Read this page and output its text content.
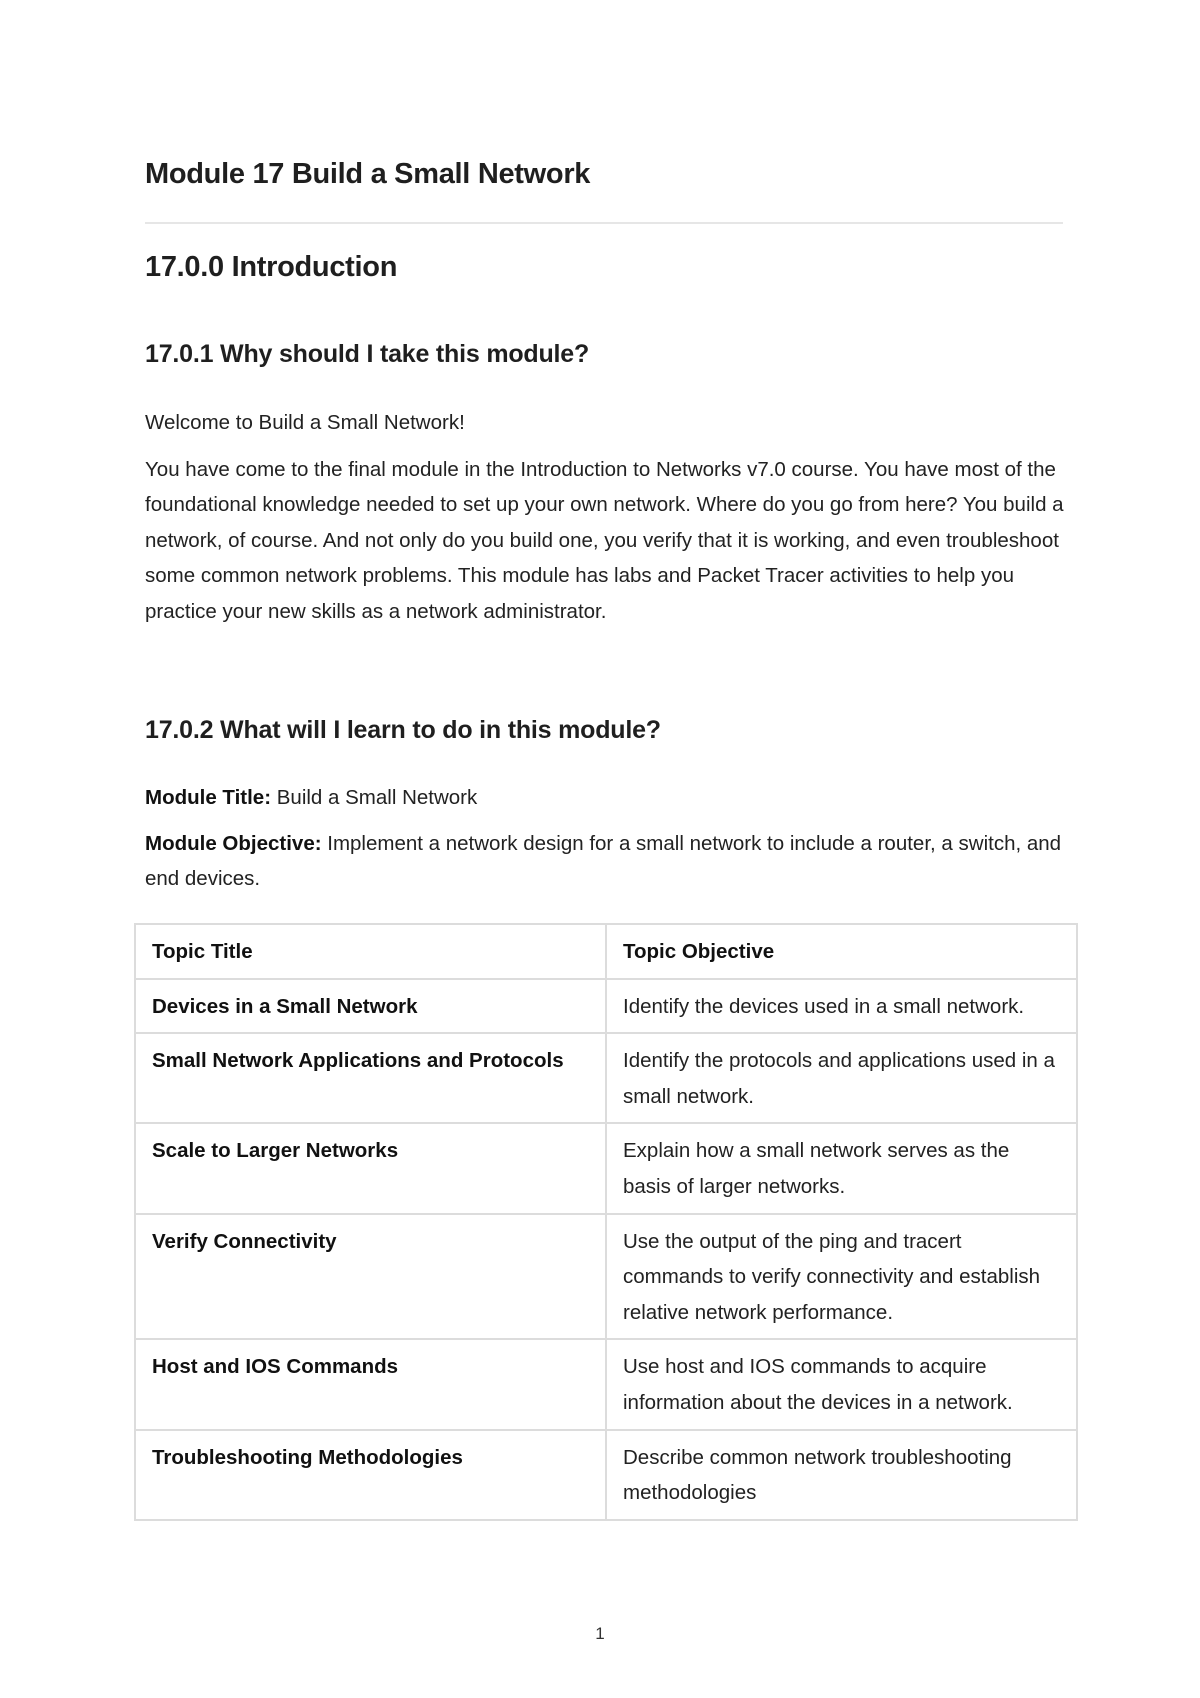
Module 17 Build a Small Network
17.0.0 Introduction
17.0.1 Why should I take this module?

Welcome to Build a Small Network!

You have come to the final module in the Introduction to Networks v7.0 course. You have most of the foundational knowledge needed to set up your own network. Where do you go from here? You build a network, of course. And not only do you build one, you verify that it is working, and even troubleshoot some common network problems. This module has labs and Packet Tracer activities to help you practice your new skills as a network administrator.

17.0.2 What will I learn to do in this module?

Module Title: Build a Small Network

Module Objective: Implement a network design for a small network to include a router, a switch, and end devices.

Topic Title	Topic Objective
Devices in a Small Network	Identify the devices used in a small network.
Small Network Applications and Protocols	Identify the protocols and applications used in a small network.
Scale to Larger Networks	Explain how a small network serves as the basis of larger networks.
Verify Connectivity	Use the output of the ping and tracert commands to verify connectivity and establish relative network performance.
Host and IOS Commands	Use host and IOS commands to acquire information about the devices in a network.
Troubleshooting Methodologies	Describe common network troubleshooting methodologies
1
